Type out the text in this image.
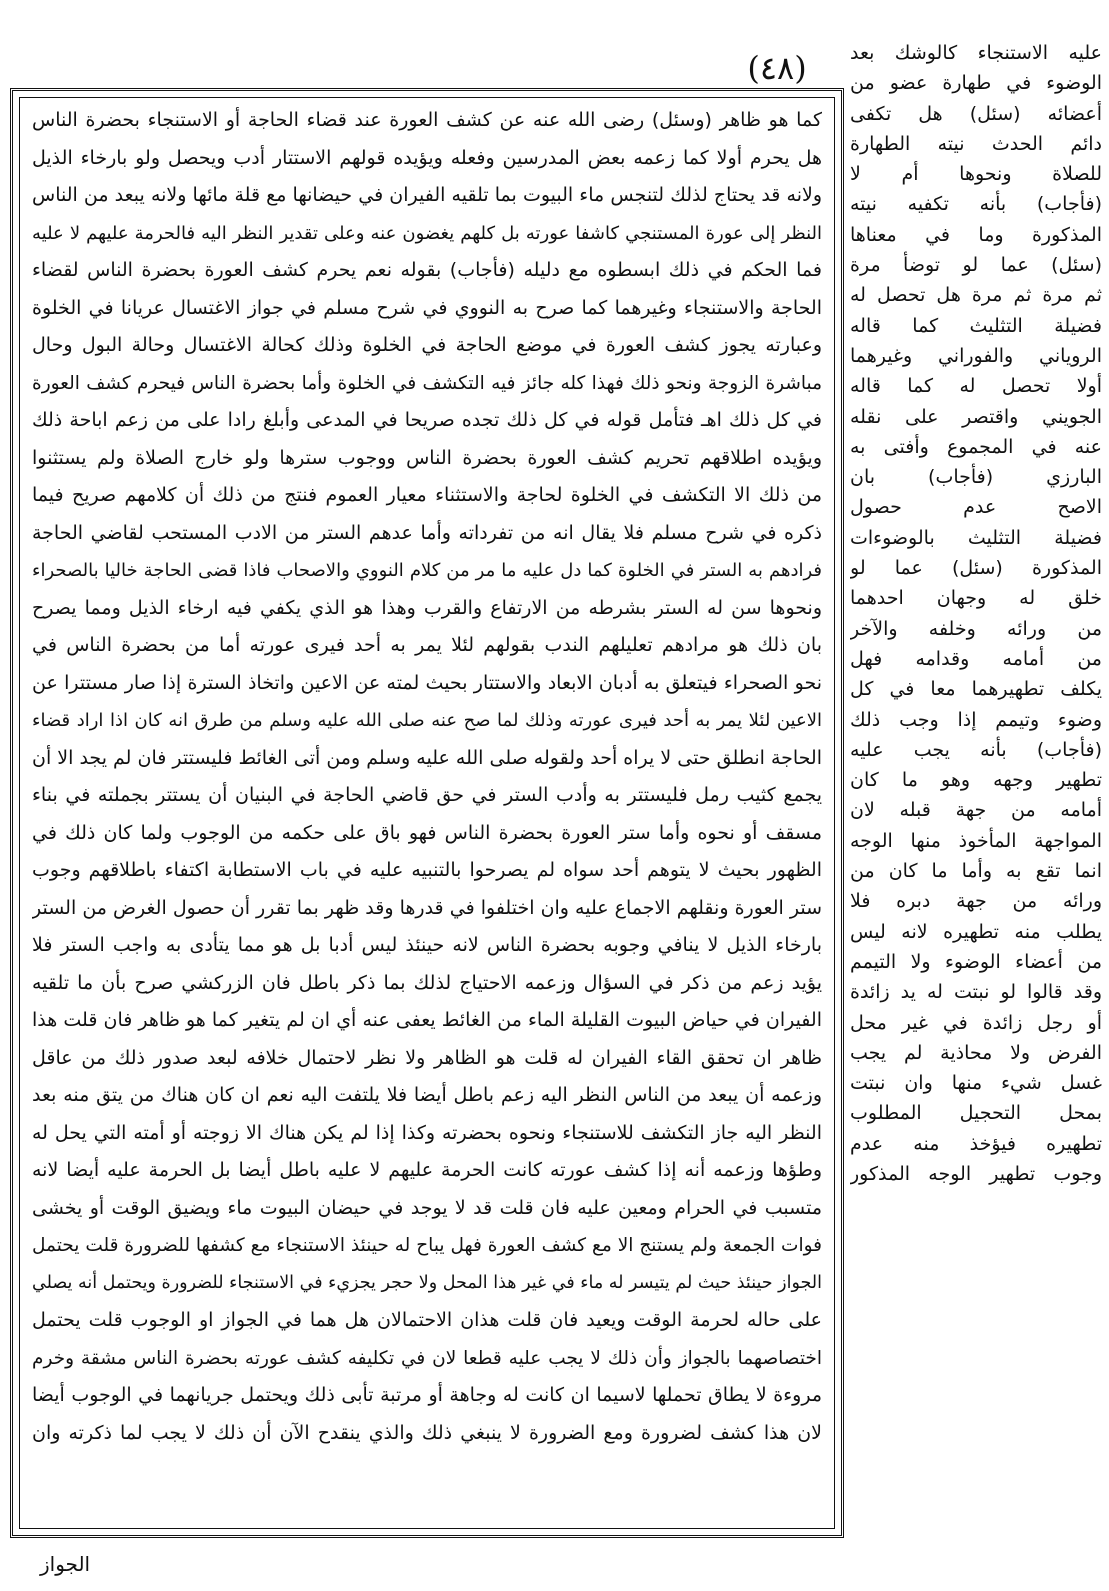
(٤٨)	عليه الاستنجاء كالوشك بعد
الوضوء في طهارة عضو من
أعضائه (سئل) هل تكفى
دائم الحدث نيته الطهارة
للصلاة ونحوها أم لا
(فأجاب) بأنه تكفيه نيته
المذكورة وما في معناها
(سئل) عما لو توضأ مرة
ثم مرة ثم مرة هل تحصل له
فضيلة التثليث كما قاله
الروياني والفوراني وغيرهما
أولا تحصل له كما قاله
الجويني واقتصر على نقله
عنه في المجموع وأفتى به
البارزي (فأجاب) بان
الاصح عدم حصول
فضيلة التثليث بالوضوءات
المذكورة (سئل) عما لو
خلق له وجهان احدهما
من ورائه وخلفه والآخر
من أمامه وقدامه فهل
يكلف تطهيرهما معا في كل
وضوء وتيمم إذا وجب ذلك
(فأجاب) بأنه يجب عليه
تطهير وجهه وهو ما كان
أمامه من جهة قبله لان
المواجهة المأخوذ منها الوجه
انما تقع به وأما ما كان من
ورائه من جهة دبره فلا
يطلب منه تطهيره لانه ليس
من أعضاء الوضوء ولا التيمم
وقد قالوا لو نبتت له يد زائدة
أو رجل زائدة في غير محل
الفرض ولا محاذية لم يجب
غسل شيء منها وان نبتت
بمحل التحجيل المطلوب
تطهيره فيؤخذ منه عدم
وجوب تطهير الوجه المذكور
كما هو ظاهر (وسئل) رضى الله عنه عن كشف العورة عند قضاء الحاجة أو الاستنجاء بحضرة الناس
هل يحرم أولا كما زعمه بعض المدرسين وفعله ويؤيده قولهم الاستتار أدب ويحصل ولو بارخاء الذيل
ولانه قد يحتاج لذلك لتنجس ماء البيوت بما تلقيه الفيران في حيضانها مع قلة مائها ولانه يبعد من الناس
النظر إلى عورة المستنجي كاشفا عورته بل كلهم يغضون عنه وعلى تقدير النظر اليه فالحرمة عليهم لا عليه
فما الحكم في ذلك ابسطوه مع دليله (فأجاب) بقوله نعم يحرم كشف العورة بحضرة الناس لقضاء
الحاجة والاستنجاء وغيرهما كما صرح به النووي في شرح مسلم في جواز الاغتسال عريانا في الخلوة
وعبارته يجوز كشف العورة في موضع الحاجة في الخلوة وذلك كحالة الاغتسال وحالة البول وحال
مباشرة الزوجة ونحو ذلك فهذا كله جائز فيه التكشف في الخلوة وأما بحضرة الناس فيحرم كشف العورة
في كل ذلك اهـ فتأمل قوله في كل ذلك تجده صريحا في المدعى وأبلغ رادا على من زعم اباحة ذلك
ويؤيده اطلاقهم تحريم كشف العورة بحضرة الناس ووجوب سترها ولو خارج الصلاة ولم يستثنوا
من ذلك الا التكشف في الخلوة لحاجة والاستثناء معيار العموم فنتج من ذلك أن كلامهم صريح فيما
ذكره في شرح مسلم فلا يقال انه من تفرداته وأما عدهم الستر من الادب المستحب لقاضي الحاجة
فرادهم به الستر في الخلوة كما دل عليه ما مر من كلام النووي والاصحاب فاذا قضى الحاجة خاليا بالصحراء
ونحوها سن له الستر بشرطه من الارتفاع والقرب وهذا هو الذي يكفي فيه ارخاء الذيل ومما يصرح
بان ذلك هو مرادهم تعليلهم الندب بقولهم لئلا يمر به أحد فيرى عورته أما من بحضرة الناس في
نحو الصحراء فيتعلق به أدبان الابعاد والاستتار بحيث لمته عن الاعين واتخاذ السترة إذا صار مستترا عن
الاعين لئلا يمر به أحد فيرى عورته وذلك لما صح عنه صلى الله عليه وسلم من طرق انه كان اذا اراد قضاء
الحاجة انطلق حتى لا يراه أحد ولقوله صلى الله عليه وسلم ومن أتى الغائط فليستتر فان لم يجد الا أن
يجمع كثيب رمل فليستتر به وأدب الستر في حق قاضي الحاجة في البنيان أن يستتر بجملته في بناء
مسقف أو نحوه وأما ستر العورة بحضرة الناس فهو باق على حكمه من الوجوب ولما كان ذلك في
الظهور بحيث لا يتوهم أحد سواه لم يصرحوا بالتنبيه عليه في باب الاستطابة اكتفاء باطلاقهم وجوب
ستر العورة ونقلهم الاجماع عليه وان اختلفوا في قدرها وقد ظهر بما تقرر أن حصول الغرض من الستر
بارخاء الذيل لا ينافي وجوبه بحضرة الناس لانه حينئذ ليس أدبا بل هو مما يتأدى به واجب الستر فلا
يؤيد زعم من ذكر في السؤال وزعمه الاحتياج لذلك بما ذكر باطل فان الزركشي صرح بأن ما تلقيه
الفيران في حياض البيوت القليلة الماء من الغائط يعفى عنه أي ان لم يتغير كما هو ظاهر فان قلت هذا
ظاهر ان تحقق القاء الفيران له قلت هو الظاهر ولا نظر لاحتمال خلافه لبعد صدور ذلك من عاقل
وزعمه أن يبعد من الناس النظر اليه زعم باطل أيضا فلا يلتفت اليه نعم ان كان هناك من يتق منه بعد
النظر اليه جاز التكشف للاستنجاء ونحوه بحضرته وكذا إذا لم يكن هناك الا زوجته أو أمته التي يحل له
وطؤها وزعمه أنه إذا كشف عورته كانت الحرمة عليهم لا عليه باطل أيضا بل الحرمة عليه أيضا لانه
متسبب في الحرام ومعين عليه فان قلت قد لا يوجد في حيضان البيوت ماء ويضيق الوقت أو يخشى
فوات الجمعة ولم يستنج الا مع كشف العورة فهل يباح له حينئذ الاستنجاء مع كشفها للضرورة قلت يحتمل
الجواز حينئذ حيث لم يتيسر له ماء في غير هذا المحل ولا حجر يجزيء في الاستنجاء للضرورة ويحتمل أنه يصلي
على حاله لحرمة الوقت ويعيد فان قلت هذان الاحتمالان هل هما في الجواز او الوجوب قلت يحتمل
اختصاصهما بالجواز وأن ذلك لا يجب عليه قطعا لان في تكليفه كشف عورته بحضرة الناس مشقة وخرم
مروءة لا يطاق تحملها لاسيما ان كانت له وجاهة أو مرتبة تأبى ذلك ويحتمل جريانهما في الوجوب أيضا
لان هذا كشف لضرورة ومع الضرورة لا ينبغي ذلك والذي ينقدح الآن أن ذلك لا يجب لما ذكرته وان
الجواز
